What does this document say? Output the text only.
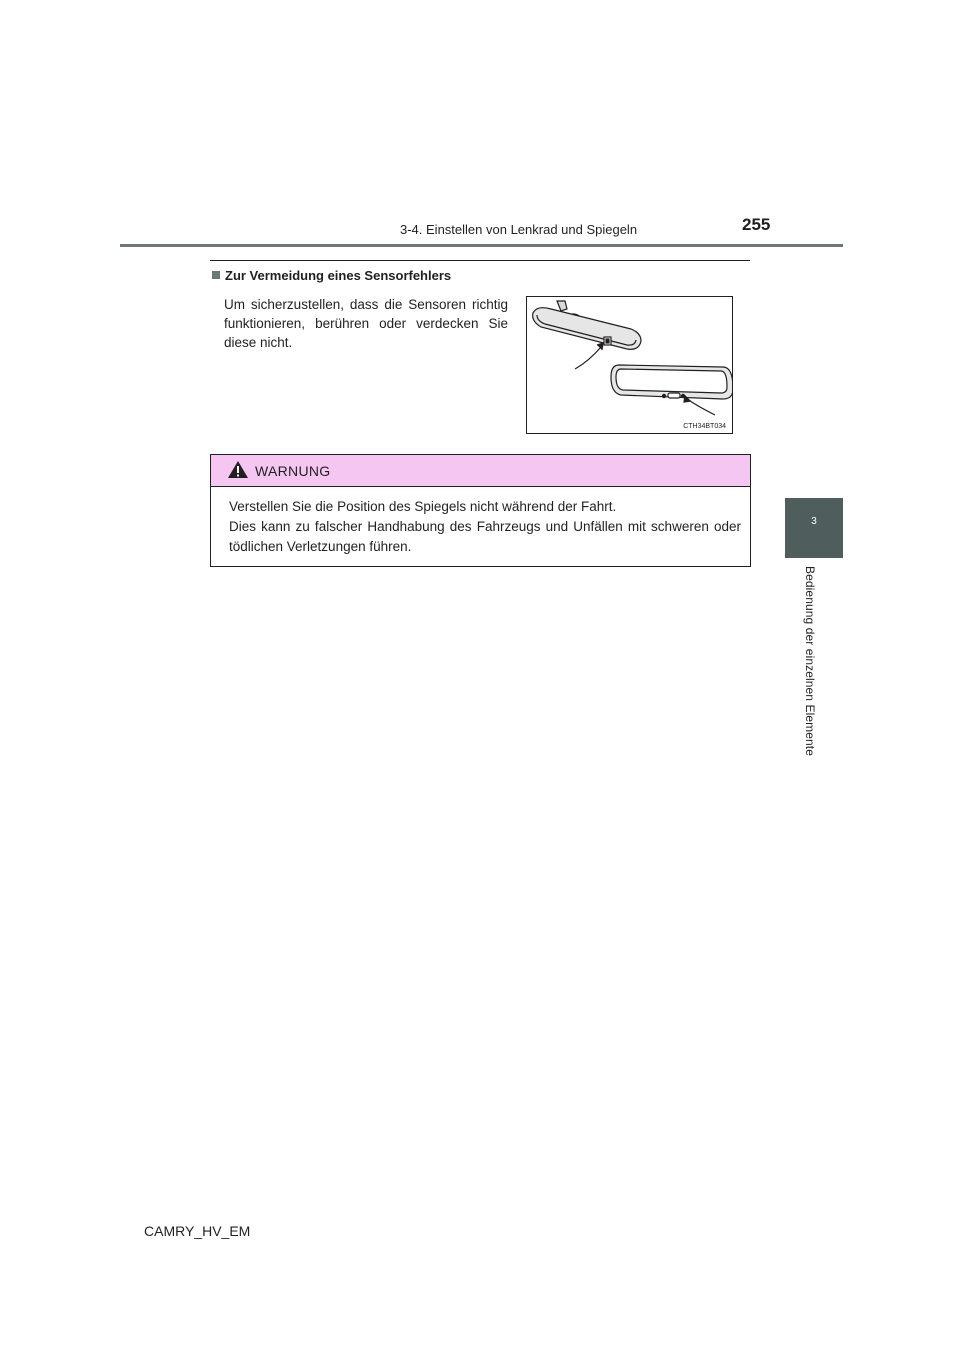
3-4. Einstellen von Lenkrad und Spiegeln	255
3
Bedienung der einzelnen Elemente
Zur Vermeidung eines Sensorfehlers
Um sicherzustellen, dass die Sensoren richtig funktionieren, berühren oder verdecken Sie diese nicht.
CTH34BT034
WARNUNG
Verstellen Sie die Position des Spiegels nicht während der Fahrt.
Dies kann zu falscher Handhabung des Fahrzeugs und Unfällen mit schweren oder tödlichen Verletzungen führen.
CAMRY_HV_EM
